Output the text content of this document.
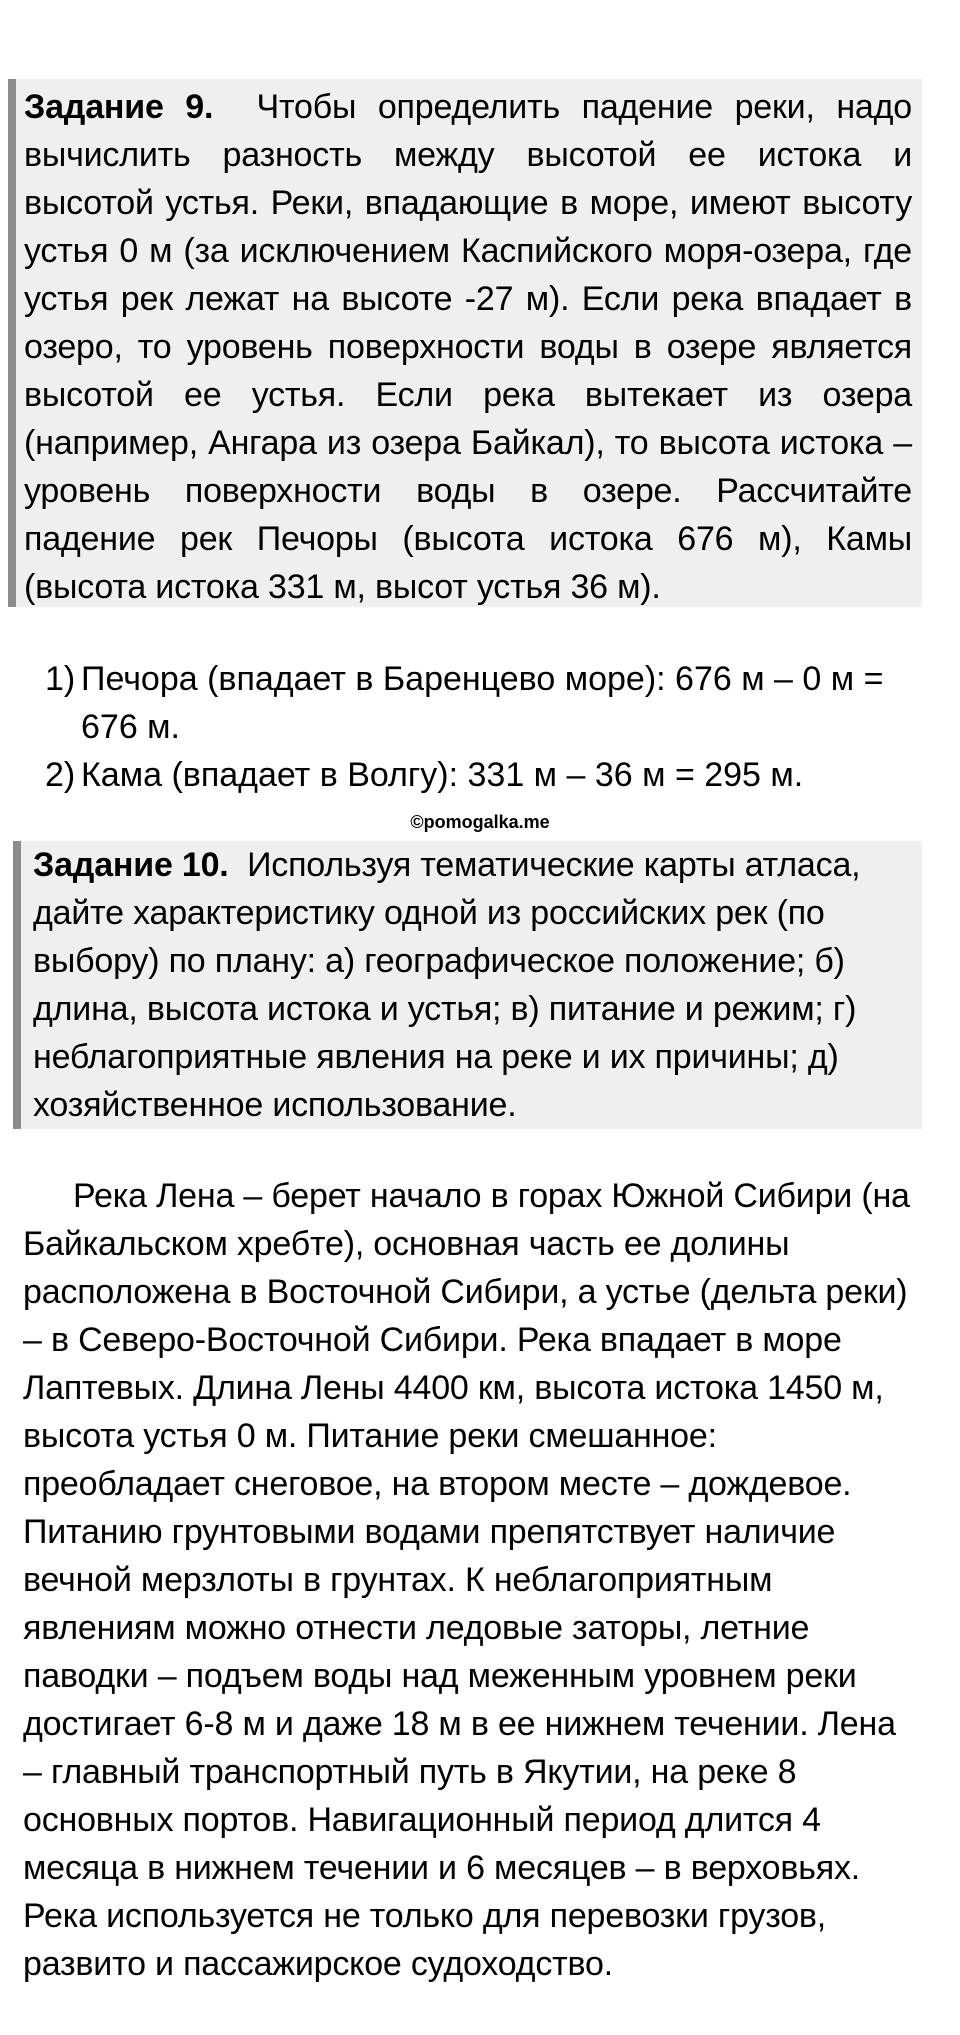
Задание 9. Чтобы определить падение реки, надо вычислить разность между высотой ее истока и высотой устья. Реки, впадающие в море, имеют высоту устья 0 м (за исключением Каспийского моря-озера, где устья рек лежат на высоте -27 м). Если река впадает в озеро, то уровень поверхности воды в озере является высотой ее устья. Если река вытекает из озера (например, Ангара из озера Байкал), то высота истока – уровень поверхности воды в озере. Рассчитайте падение рек Печоры (высота истока 676 м), Камы (высота истока 331 м, высот устья 36 м).
1) Печора (впадает в Баренцево море): 676 м – 0 м = 676 м.
2) Кама (впадает в Волгу): 331 м – 36 м = 295 м.
©pomogalka.me
Задание 10. Используя тематические карты атласа, дайте характеристику одной из российских рек (по выбору) по плану: а) географическое положение; б) длина, высота истока и устья; в) питание и режим; г) неблагоприятные явления на реке и их причины; д) хозяйственное использование.
Река Лена – берет начало в горах Южной Сибири (на Байкальском хребте), основная часть ее долины расположена в Восточной Сибири, а устье (дельта реки) – в Северо-Восточной Сибири. Река впадает в море Лаптевых. Длина Лены 4400 км, высота истока 1450 м, высота устья 0 м. Питание реки смешанное: преобладает снеговое, на втором месте – дождевое. Питанию грунтовыми водами препятствует наличие вечной мерзлоты в грунтах. К неблагоприятным явлениям можно отнести ледовые заторы, летние паводки – подъем воды над меженным уровнем реки достигает 6-8 м и даже 18 м в ее нижнем течении. Лена – главный транспортный путь в Якутии, на реке 8 основных портов. Навигационный период длится 4 месяца в нижнем течении и 6 месяцев – в верховьях. Река используется не только для перевозки грузов, развито и пассажирское судоходство.
